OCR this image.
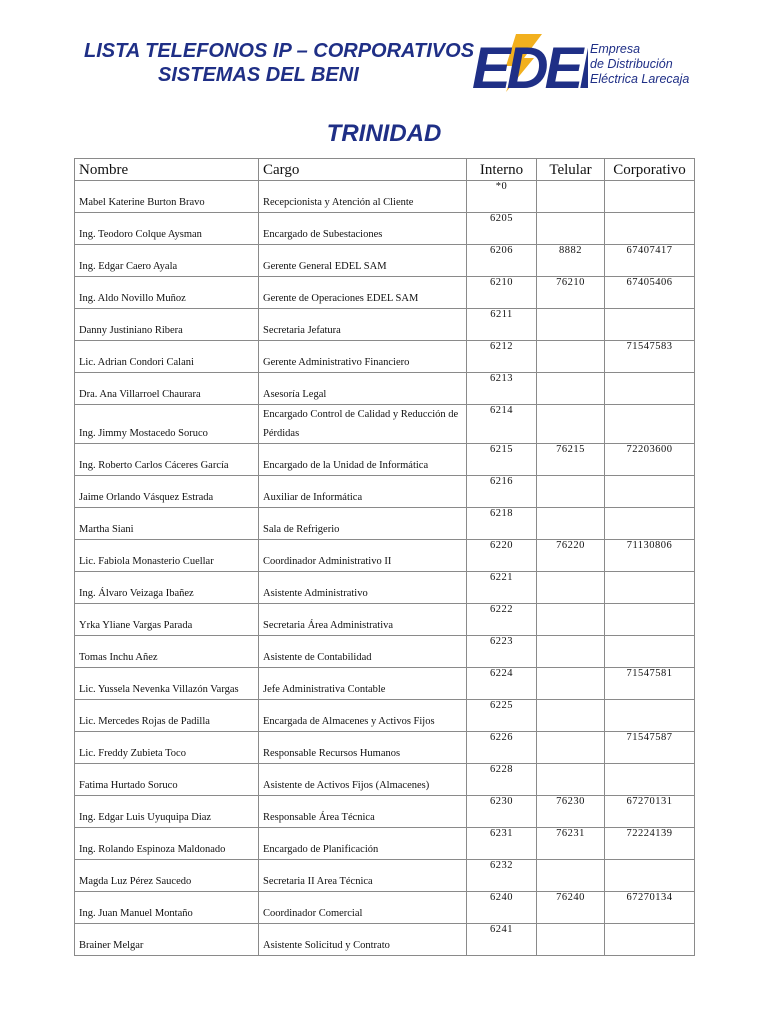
LISTA TELEFONOS IP – CORPORATIVOS
SISTEMAS DEL BENI EDE Empresa
de Distribución
Eléctrica Larecaja
TRINIDAD
Nombre	Cargo	Interno	Telular	Corporativo
Mabel Katerine Burton Bravo	Recepcionista y Atención al Cliente	*0		
Ing. Teodoro Colque Aysman	Encargado de Subestaciones	6205		
Ing. Edgar Caero Ayala	Gerente General EDEL SAM	6206	8882	67407417
Ing. Aldo Novillo Muñoz	Gerente de Operaciones EDEL SAM	6210	76210	67405406
Danny Justiniano Ribera	Secretaria Jefatura	6211		
Lic. Adrian Condori Calani	Gerente Administrativo Financiero	6212		71547583
Dra. Ana Villarroel Chaurara	Asesoría Legal	6213		
Ing. Jimmy Mostacedo Soruco	Encargado Control de Calidad y Reducción de Pérdidas	6214		
Ing. Roberto Carlos Cáceres García	Encargado de la Unidad de Informática	6215	76215	72203600
Jaime Orlando Vásquez Estrada	Auxiliar de Informática	6216		
Martha Siani	Sala de Refrigerio	6218		
Lic. Fabiola Monasterio Cuellar	Coordinador Administrativo II	6220	76220	71130806
Ing. Álvaro Veizaga Ibañez	Asistente Administrativo	6221		
Yrka Yliane Vargas Parada	Secretaria Área Administrativa	6222		
Tomas Inchu Añez	Asistente de Contabilidad	6223		
Lic. Yussela Nevenka Villazón Vargas	Jefe Administrativa Contable	6224		71547581
Lic. Mercedes Rojas de Padilla	Encargada de Almacenes y Activos Fijos	6225		
Lic. Freddy Zubieta Toco	Responsable Recursos Humanos	6226		71547587
Fatima Hurtado Soruco	Asistente de Activos Fijos (Almacenes)	6228		
Ing. Edgar Luis Uyuquipa Diaz	Responsable Área Técnica	6230	76230	67270131
Ing. Rolando Espinoza Maldonado	Encargado de Planificación	6231	76231	72224139
Magda Luz Pérez Saucedo	Secretaria II Area Técnica	6232		
Ing. Juan Manuel Montaño	Coordinador Comercial	6240	76240	67270134
Brainer Melgar	Asistente Solicitud y Contrato	6241		
